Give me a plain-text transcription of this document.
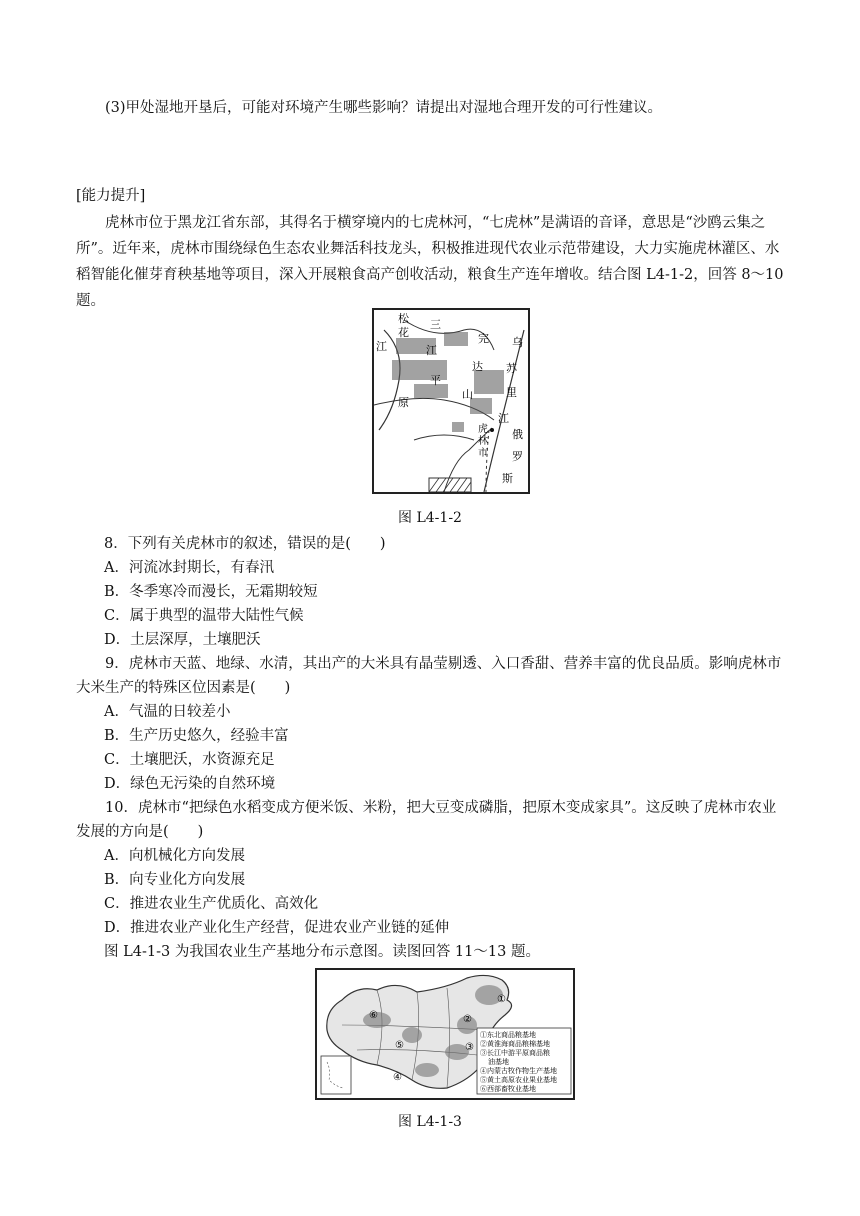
(3)甲处湿地开垦后，可能对环境产生哪些影响？请提出对湿地合理开发的可行性建议。
[能力提升]
虎林市位于黑龙江省东部，其得名于横穿境内的七虎林河，“七虎林”是满语的音译，意思是“沙鸥云集之所”。近年来，虎林市围绕绿色生态农业舞活科技龙头，积极推进现代农业示范带建设，大力实施虎林灌区、水稻智能化催芽育秧基地等项目，深入开展粮食高产创收活动，粮食生产连年增收。结合图 L4-1-2，回答 8～10 题。
松
花
江
三
江
平
原
完
达
山
乌
苏
里
江
虎
林
市
俄
罗
斯
图 L4-1-2
8．下列有关虎林市的叙述，错误的是(　　)
A．河流冰封期长，有春汛
B．冬季寒冷而漫长，无霜期较短
C．属于典型的温带大陆性气候
D．土层深厚，土壤肥沃
9．虎林市天蓝、地绿、水清，其出产的大米具有晶莹剔透、入口香甜、营养丰富的优良品质。影响虎林市大米生产的特殊区位因素是(　　)
A．气温的日较差小
B．生产历史悠久，经验丰富
C．土壤肥沃，水资源充足
D．绿色无污染的自然环境
10．虎林市“把绿色水稻变成方便米饭、米粉，把大豆变成磷脂，把原木变成家具”。这反映了虎林市农业发展的方向是(　　)
A．向机械化方向发展
B．向专业化方向发展
C．推进农业生产优质化、高效化
D．推进农业产业化生产经营，促进农业产业链的延伸
图 L4-1-3 为我国农业生产基地分布示意图。读图回答 11～13 题。
①
②
③
④
⑤
⑥
①东北商品粮基地
②黄淮海商品粮棉基地
③长江中游平原商品粮
油基地
④内蒙古牧作物生产基地
⑤黄土高原农业果业基地
⑥西部畜牧业基地
图 L4-1-3
